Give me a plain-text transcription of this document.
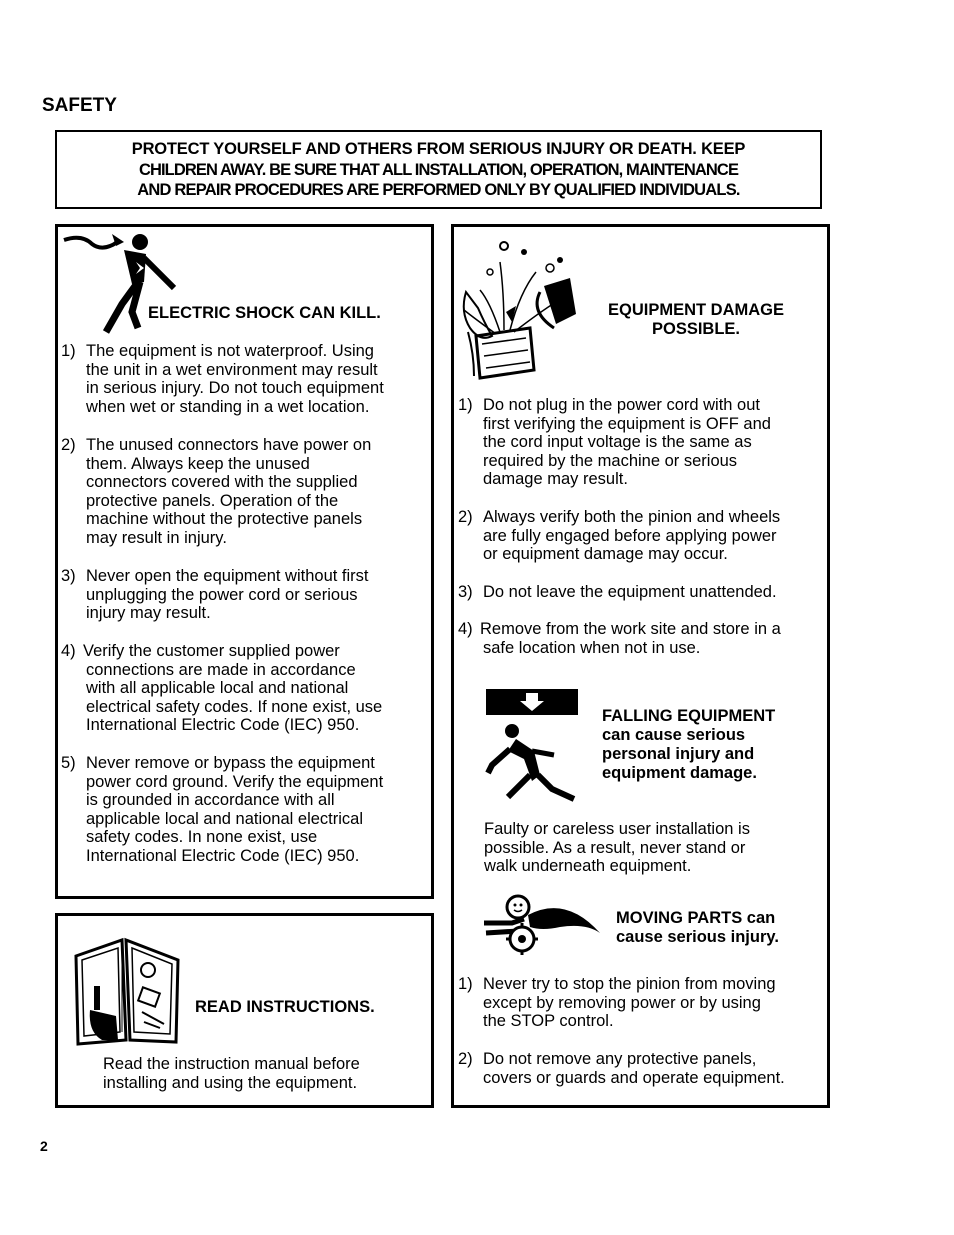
SAFETY
PROTECT YOURSELF AND OTHERS FROM SERIOUS INJURY OR DEATH. KEEP
CHILDREN AWAY. BE SURE THAT ALL INSTALLATION, OPERATION, MAINTENANCE
AND REPAIR PROCEDURES ARE PERFORMED ONLY BY QUALIFIED INDIVIDUALS.
ELECTRIC SHOCK CAN KILL.
1) The equipment is not waterproof. Using
the unit in a wet environment may result
in serious injury. Do not touch equipment
when wet or standing in a wet location.
2) The unused connectors have power on
them. Always keep the unused
connectors covered with the supplied
protective panels. Operation of the
machine without the protective panels
may result in injury.
3) Never open the equipment without first
unplugging the power cord or serious
injury may result.
4) Verify the customer supplied power
connections are made in accordance
with all applicable local and national
electrical safety codes. If none exist, use
International Electric Code (IEC) 950.
5) Never remove or bypass the equipment
power cord ground. Verify the equipment
is grounded in accordance with all
applicable local and national electrical
safety codes. In none exist, use
International Electric Code (IEC) 950.
READ INSTRUCTIONS.
Read the instruction manual before
installing and using the equipment.
EQUIPMENT DAMAGE
POSSIBLE.
1) Do not plug in the power cord with out
first verifying the equipment is OFF and
the cord input voltage is the same as
required by the machine or serious
damage may result.
2) Always verify both the pinion and wheels
are fully engaged before applying power
or equipment damage may occur.
3) Do not leave the equipment unattended.
4) Remove from the work site and store in a
safe location when not in use.
FALLING EQUIPMENT
can cause serious
personal injury and
equipment damage.
Faulty or careless user installation is
possible. As a result, never stand or
walk underneath equipment.
MOVING PARTS can
cause serious injury.
1) Never try to stop the pinion from moving
except by removing power or by using
the STOP control.
2) Do not remove any protective panels,
covers or guards and operate equipment.
2
